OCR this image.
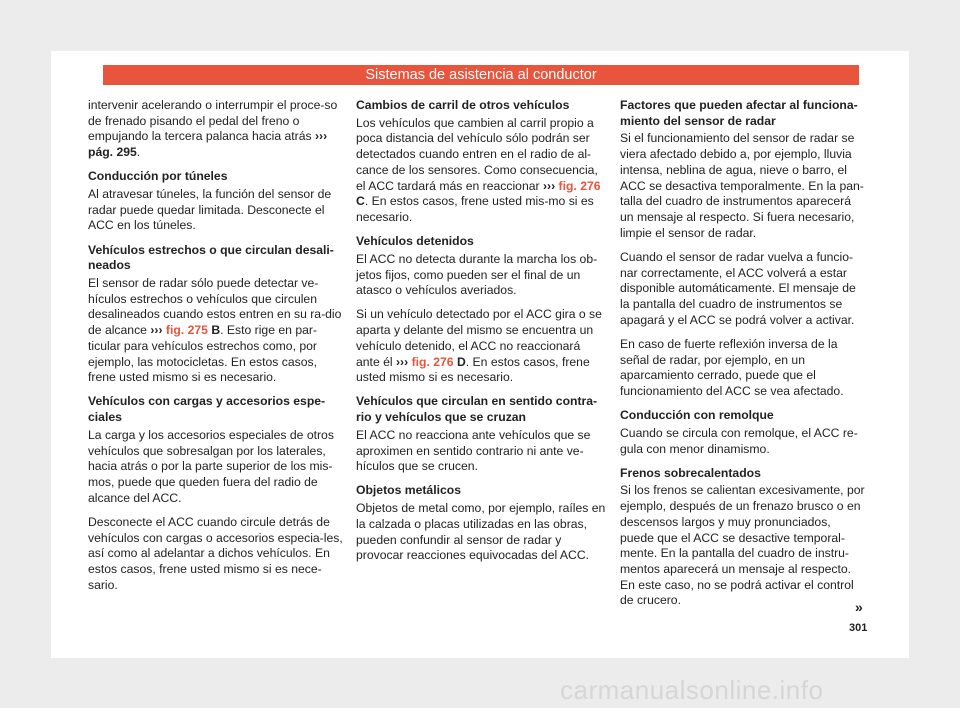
Sistemas de asistencia al conductor

intervenir acelerando o interrumpir el proce-so de frenado pisando el pedal del freno o empujando la tercera palanca hacia atrás ››› pág. 295.

Conducción por túneles

Al atravesar túneles, la función del sensor de radar puede quedar limitada. Desconecte el ACC en los túneles.

Vehículos estrechos o que circulan desali-neados

El sensor de radar sólo puede detectar ve-hículos estrechos o vehículos que circulen desalineados cuando estos entren en su ra-dio de alcance ››› fig. 275 B. Esto rige en par-ticular para vehículos estrechos como, por ejemplo, las motocicletas. En estos casos, frene usted mismo si es necesario.

Vehículos con cargas y accesorios espe-ciales

La carga y los accesorios especiales de otros vehículos que sobresalgan por los laterales, hacia atrás o por la parte superior de los mis-mos, puede que queden fuera del radio de alcance del ACC.

Desconecte el ACC cuando circule detrás de vehículos con cargas o accesorios especia-les, así como al adelantar a dichos vehículos. En estos casos, frene usted mismo si es nece-sario.

Cambios de carril de otros vehículos

Los vehículos que cambien al carril propio a poca distancia del vehículo sólo podrán ser detectados cuando entren en el radio de al-cance de los sensores. Como consecuencia, el ACC tardará más en reaccionar ››› fig. 276 C. En estos casos, frene usted mis-mo si es necesario.

Vehículos detenidos

El ACC no detecta durante la marcha los ob-jetos fijos, como pueden ser el final de un atasco o vehículos averiados.

Si un vehículo detectado por el ACC gira o se aparta y delante del mismo se encuentra un vehículo detenido, el ACC no reaccionará ante él ››› fig. 276 D. En estos casos, frene usted mismo si es necesario.

Vehículos que circulan en sentido contra-rio y vehículos que se cruzan

El ACC no reacciona ante vehículos que se aproximen en sentido contrario ni ante ve-hículos que se crucen.

Objetos metálicos

Objetos de metal como, por ejemplo, raíles en la calzada o placas utilizadas en las obras, pueden confundir al sensor de radar y provocar reacciones equivocadas del ACC.

Factores que pueden afectar al funciona-miento del sensor de radar

Si el funcionamiento del sensor de radar se viera afectado debido a, por ejemplo, lluvia intensa, neblina de agua, nieve o barro, el ACC se desactiva temporalmente. En la pan-talla del cuadro de instrumentos aparecerá un mensaje al respecto. Si fuera necesario, limpie el sensor de radar.

Cuando el sensor de radar vuelva a funcio-nar correctamente, el ACC volverá a estar disponible automáticamente. El mensaje de la pantalla del cuadro de instrumentos se apagará y el ACC se podrá volver a activar.

En caso de fuerte reflexión inversa de la señal de radar, por ejemplo, en un aparcamiento cerrado, puede que el funcionamiento del ACC se vea afectado.

Conducción con remolque

Cuando se circula con remolque, el ACC re-gula con menor dinamismo.

Frenos sobrecalentados

Si los frenos se calientan excesivamente, por ejemplo, después de un frenazo brusco o en descensos largos y muy pronunciados, puede que el ACC se desactive temporal-mente. En la pantalla del cuadro de instru-mentos aparecerá un mensaje al respecto. En este caso, no se podrá activar el control de crucero.	»
301
carmanualsonline.info
